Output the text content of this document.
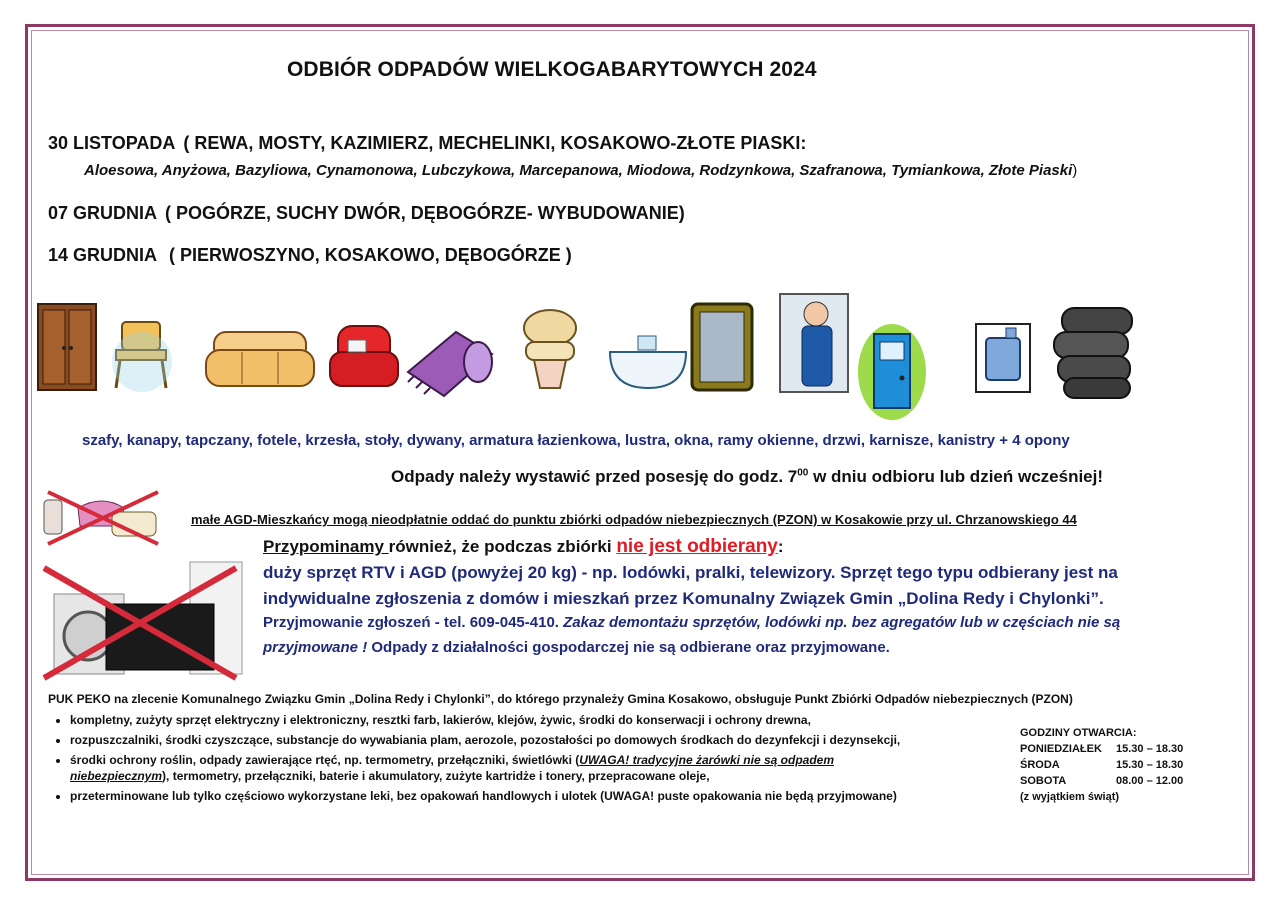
ODBIÓR ODPADÓW WIELKOGABARYTOWYCH 2024
30 LISTOPADA ( REWA, MOSTY, KAZIMIERZ, MECHELINKI, KOSAKOWO-ZŁOTE PIASKI:
Aloesowa, Anyżowa, Bazyliowa, Cynamonowa, Lubczykowa, Marcepanowa, Miodowa, Rodzynkowa, Szafranowa, Tymiankowa, Złote Piaski)
07 GRUDNIA ( POGÓRZE, SUCHY DWÓR, DĘBOGÓRZE- WYBUDOWANIE)
14 GRUDNIA ( PIERWOSZYNO, KOSAKOWO, DĘBOGÓRZE )
szafy, kanapy, tapczany, fotele, krzesła, stoły, dywany, armatura łazienkowa, lustra, okna, ramy okienne, drzwi, karnisze, kanistry + 4 opony
Odpady należy wystawić przed posesję do godz. $7^{00}$ w dniu odbioru lub dzień wcześniej!
małe AGD-Mieszkańcy mogą nieodpłatnie oddać do punktu zbiórki odpadów niebezpiecznych (PZON) w Kosakowie przy ul. Chrzanowskiego 44
Przypominamy również, że podczas zbiórki nie jest odbierany:
duży sprzęt RTV i AGD (powyżej 20 kg) - np. lodówki, pralki, telewizory. Sprzęt tego typu odbierany jest na
indywidualne zgłoszenia z domów i mieszkań przez Komunalny Związek Gmin „Dolina Redy i Chylonki”.
Przyjmowanie zgłoszeń - tel. 609-045-410. Zakaz demontażu sprzętów, lodówki np. bez agregatów lub w częściach nie są
przyjmowane ! Odpady z działalności gospodarczej nie są odbierane oraz przyjmowane.
PUK PEKO na zlecenie Komunalnego Związku Gmin „Dolina Redy i Chylonki”, do którego przynależy Gmina Kosakowo, obsługuje Punkt Zbiórki Odpadów niebezpiecznych (PZON)
• kompletny, zużyty sprzęt elektryczny i elektroniczny, resztki farb, lakierów, klejów, żywic, środki do konserwacji i ochrony drewna,
• rozpuszczalniki, środki czyszczące, substancje do wywabiania plam, aerozole, pozostałości po domowych środkach do dezynfekcji i dezynsekcji,
• środki ochrony roślin, odpady zawierające rtęć, np. termometry, przełączniki, świetlówki (UWAGA! tradycyjne żarówki nie są odpadem niebezpiecznym), termometry, przełączniki, baterie i akumulatory, zużyte kartridże i tonery, przepracowane oleje,
• przeterminowane lub tylko częściowo wykorzystane leki, bez opakowań handlowych i ulotek (UWAGA! puste opakowania nie będą przyjmowane)
GODZINY OTWARCIA:
PONIEDZIAŁEK 15.30 – 18.30
ŚRODA	15.30 – 18.30
SOBOTA	08.00 – 12.00
(z wyjątkiem świąt)
